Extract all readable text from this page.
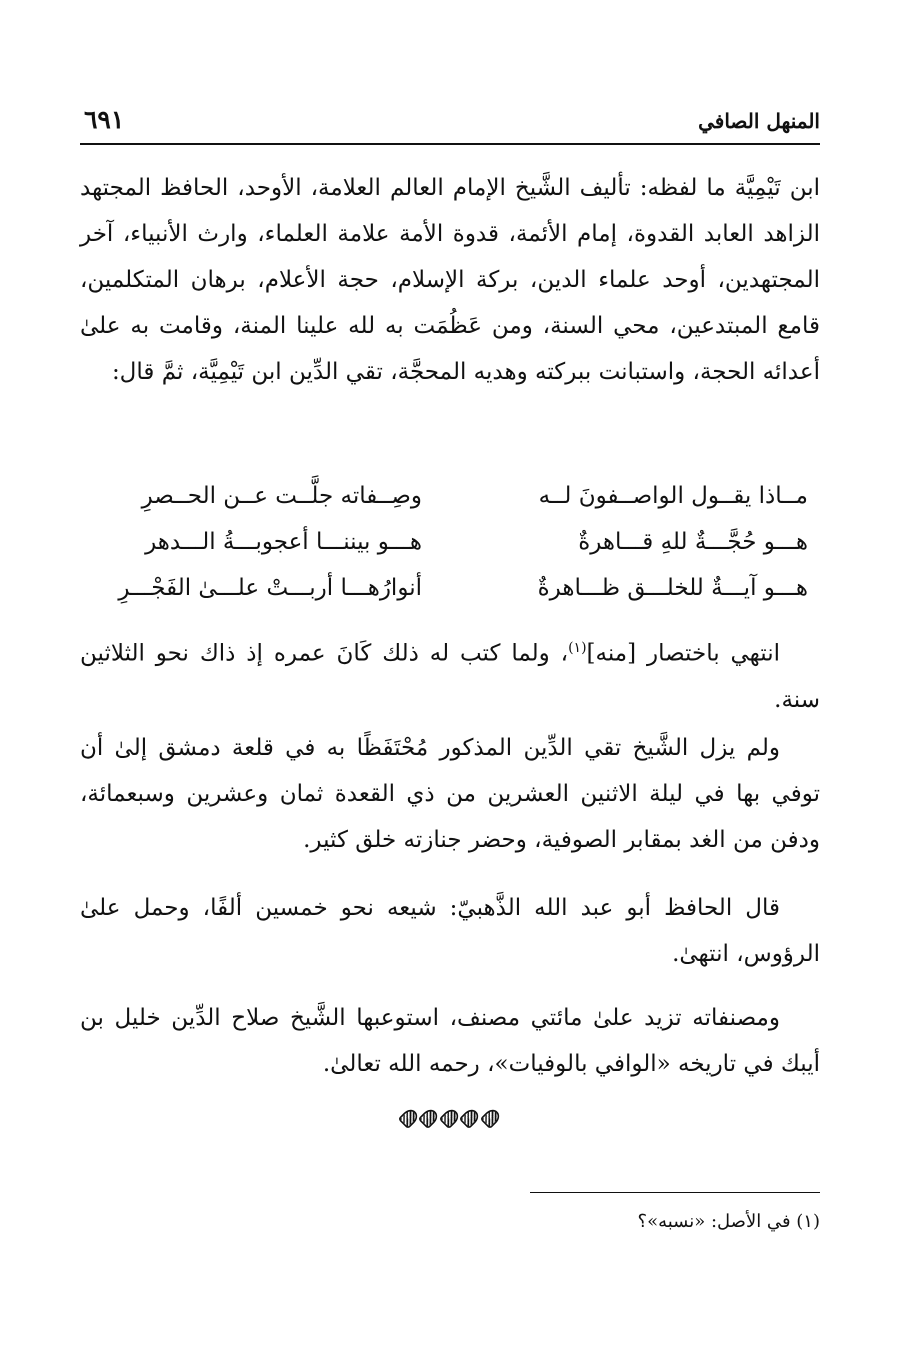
المنهل الصافي
٦٩١
ابن تَيْمِيَّة ما لفظه: تأليف الشَّيخ الإمام العالم العلامة، الأوحد، الحافظ المجتهد الزاهد العابد القدوة، إمام الأئمة، قدوة الأمة علامة العلماء، وارث الأنبياء، آخر المجتهدين، أوحد علماء الدين، بركة الإسلام، حجة الأعلام، برهان المتكلمين، قامع المبتدعين، محي السنة، ومن عَظُمَت به لله علينا المنة، وقامت به علىٰ أعدائه الحجة، واستبانت ببركته وهديه المحجَّة، تقي الدِّين ابن تَيْمِيَّة، ثمَّ قال:
مــاذا يقــول الواصــفونَ لــه
وصِــفاته جلَّــت عــن الحــصرِ
هـــو حُجَّـــةٌ للهِ قـــاهرةٌ
هـــو بيننـــا أعجوبـــةُ الـــدهر
هـــو آيـــةٌ للخلـــق ظـــاهرةٌ
أنوارُهـــا أربـــتْ علـــىٰ الفَجْـــرِ
انتهي باختصار [منه]$^{(١)}$، ولما كتب له ذلك كَانَ عمره إذ ذاك نحو الثلاثين سنة.
ولم يزل الشَّيخ تقي الدِّين المذكور مُحْتَفَظًا به في قلعة دمشق إلىٰ أن توفي بها في ليلة الاثنين العشرين من ذي القعدة ثمان وعشرين وسبعمائة، ودفن من الغد بمقابر الصوفية، وحضر جنازته خلق كثير.
قال الحافظ أبو عبد الله الذَّهبيّ: شيعه نحو خمسين ألفًا، وحمل علىٰ الرؤوس، انتهىٰ.
ومصنفاته تزيد علىٰ مائتي مصنف، استوعبها الشَّيخ صلاح الدِّين خليل بن أيبك في تاريخه «الوافي بالوفيات»، رحمه الله تعالىٰ.
(١) في الأصل: «نسبه»؟
